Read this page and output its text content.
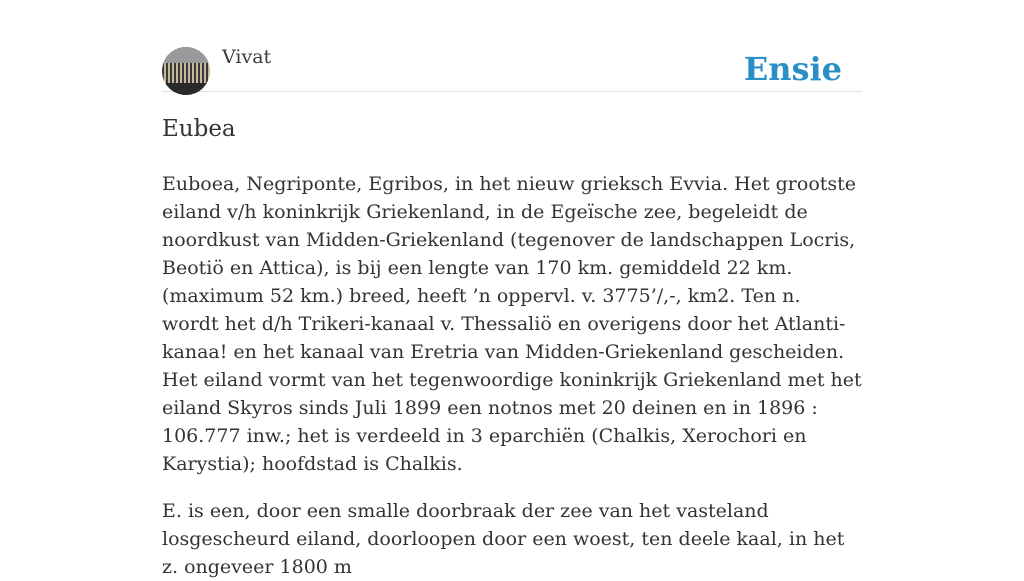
Vivat	Ensie
Eubea

Euboea, Negriponte, Egribos, in het nieuw grieksch Evvia. Het grootste eiland v/h koninkrijk Griekenland, in de Egeïsche zee, begeleidt de noordkust van Midden-Griekenland (tegenover de landschappen Locris, Beotiö en Attica), is bij een lengte van 170 km. gemiddeld 22 km. (maximum 52 km.) breed, heeft ’n oppervl. v. 3775’/,-, km2. Ten n. wordt het d/h Trikeri-kanaal v. Thessaliö en overigens door het Atlanti-kanaa! en het kanaal van Eretria van Midden-Griekenland gescheiden. Het eiland vormt van het tegenwoordige koninkrijk Griekenland met het eiland Skyros sinds Juli 1899 een notnos met 20 deinen en in 1896 : 106.777 inw.; het is verdeeld in 3 eparchiën (Chalkis, Xerochori en Karystia); hoofdstad is Chalkis.

E. is een, door een smalle doorbraak der zee van het vasteland losgescheurd eiland, doorloopen door een woest, ten deele kaal, in het z. ongeveer 1800 m
